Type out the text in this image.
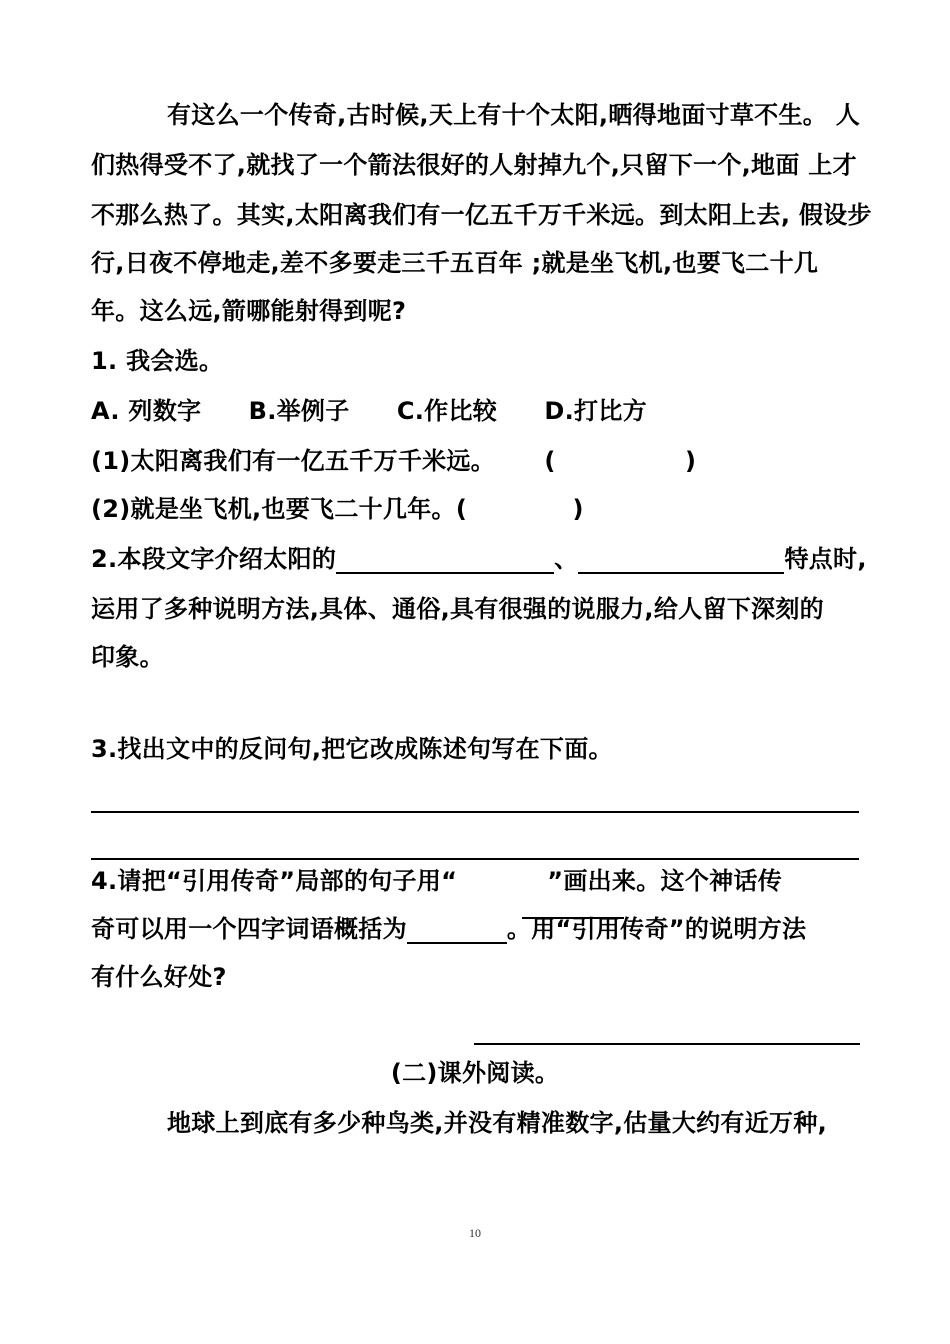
有这么一个传奇,古时候,天上有十个太阳,晒得地面寸草不生。 人
们热得受不了,就找了一个箭法很好的人射掉九个,只留下一个,地面 上才
不那么热了。其实,太阳离我们有一亿五千万千米远。到太阳上去, 假设步
行,日夜不停地走,差不多要走三千五百年 ;就是坐飞机,也要飞二十几
年。这么远,箭哪能射得到呢?
1. 我会选。
A. 列数字 B.举例子 C.作比较 D.打比方
(1)太阳离我们有一亿五千万千米远。 (	)
(2)就是坐飞机,也要飞二十几年。(	)
2.本段文字介绍太阳的	、	特点时,
运用了多种说明方法,具体、通俗,具有很强的说服力,给人留下深刻的
印象。
3.找出文中的反问句,把它改成陈述句写在下面。
4.请把“引用传奇”局部的句子用“	”画出来。这个神话传
奇可以用一个四字词语概括为	。用“引用传奇”的说明方法
有什么好处?
(二)课外阅读。
地球上到底有多少种鸟类,并没有精准数字,估量大约有近万种,
10
